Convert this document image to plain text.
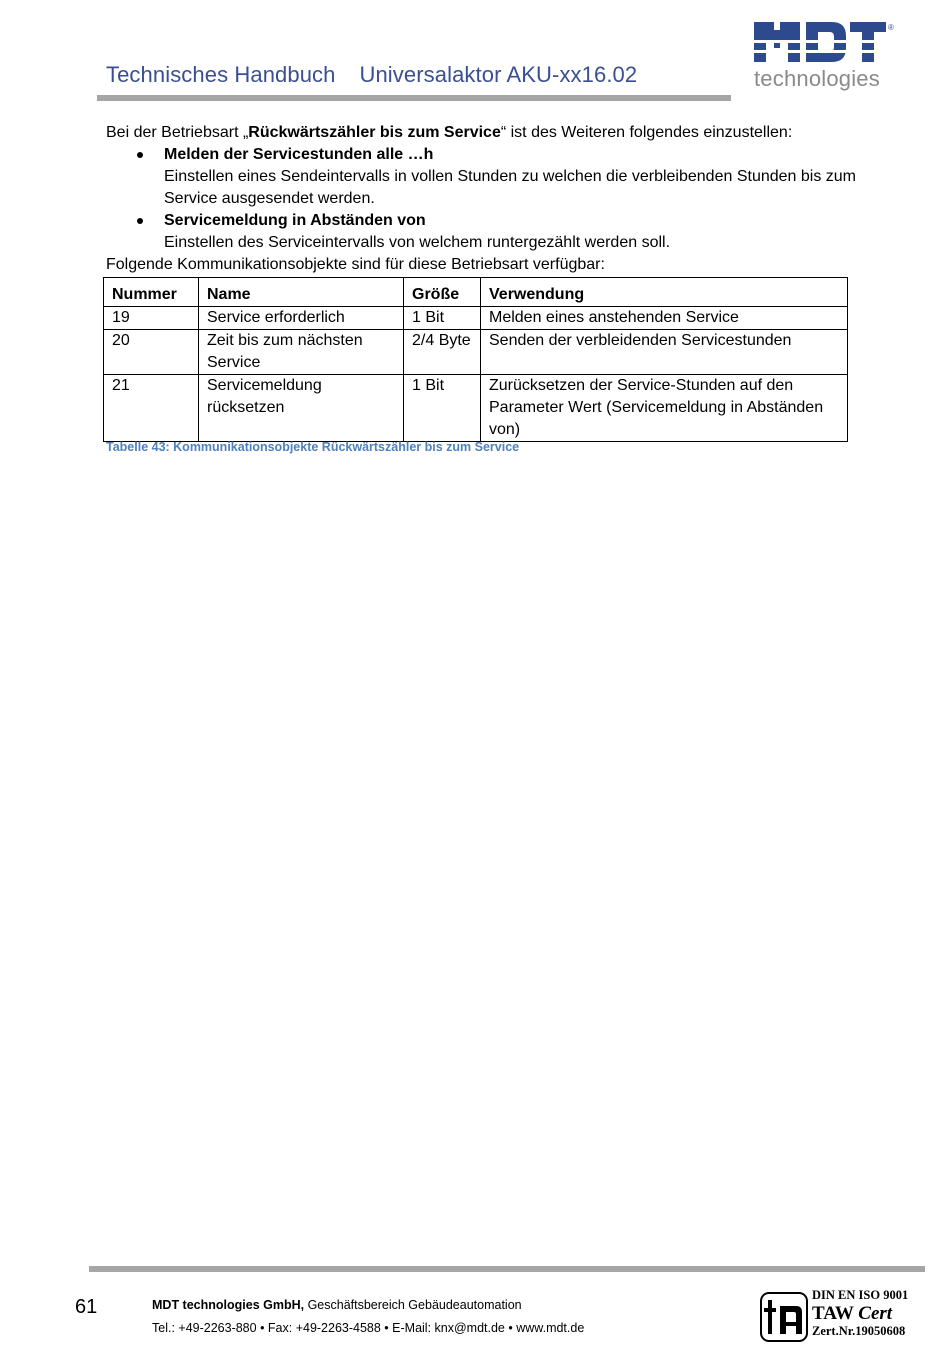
Technisches Handbuch Universalaktor AKU-xx16.02
®
technologies

Bei der Betriebsart „Rückwärtszähler bis zum Service“ ist des Weiteren folgendes einzustellen:

Melden der Servicestunden alle …h
Einstellen eines Sendeintervalls in vollen Stunden zu welchen die verbleibenden Stunden bis zum Service ausgesendet werden.
Servicemeldung in Abständen von
Einstellen des Serviceintervalls von welchem runtergezählt werden soll.

Folgende Kommunikationsobjekte sind für diese Betriebsart verfügbar:

Nummer	Name	Größe	Verwendung
19	Service erforderlich	1 Bit	Melden eines anstehenden Service
20	Zeit bis zum nächsten Service	2/4 Byte	Senden der verbleidenden Servicestunden
21	Servicemeldung rücksetzen	1 Bit	Zurücksetzen der Service-Stunden auf den Parameter Wert (Servicemeldung in Abständen von)
Tabelle 43: Kommunikationsobjekte Rückwärtszähler bis zum Service
61	MDT technologies GmbH, Geschäftsbereich Gebäudeautomation
Tel.: +49-2263-880 • Fax: +49-2263-4588 • E-Mail: knx@mdt.de • www.mdt.de
DIN EN ISO 9001
TAW Cert
Zert.Nr.19050608
